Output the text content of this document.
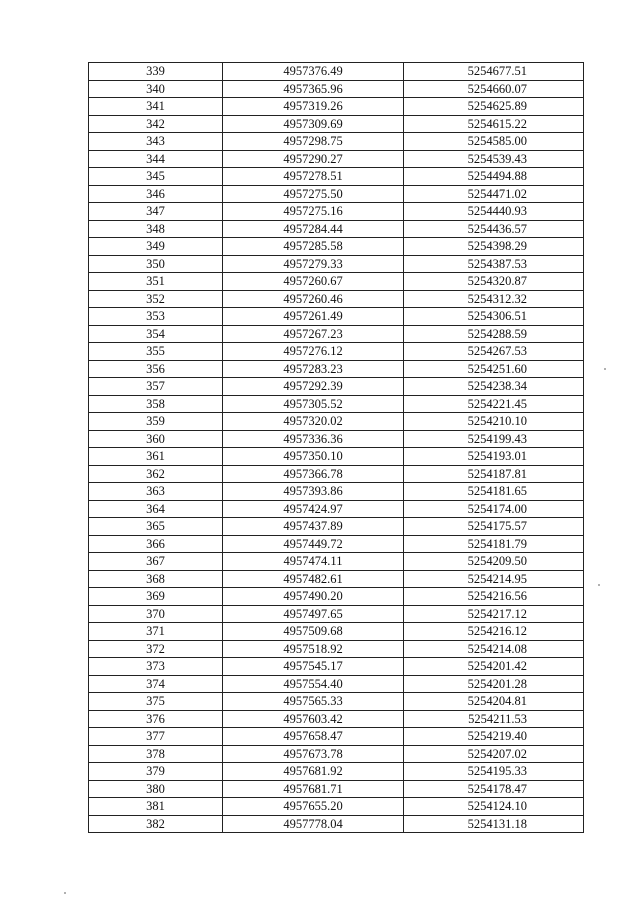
339	4957376.49	5254677.51
340	4957365.96	5254660.07
341	4957319.26	5254625.89
342	4957309.69	5254615.22
343	4957298.75	5254585.00
344	4957290.27	5254539.43
345	4957278.51	5254494.88
346	4957275.50	5254471.02
347	4957275.16	5254440.93
348	4957284.44	5254436.57
349	4957285.58	5254398.29
350	4957279.33	5254387.53
351	4957260.67	5254320.87
352	4957260.46	5254312.32
353	4957261.49	5254306.51
354	4957267.23	5254288.59
355	4957276.12	5254267.53
356	4957283.23	5254251.60
357	4957292.39	5254238.34
358	4957305.52	5254221.45
359	4957320.02	5254210.10
360	4957336.36	5254199.43
361	4957350.10	5254193.01
362	4957366.78	5254187.81
363	4957393.86	5254181.65
364	4957424.97	5254174.00
365	4957437.89	5254175.57
366	4957449.72	5254181.79
367	4957474.11	5254209.50
368	4957482.61	5254214.95
369	4957490.20	5254216.56
370	4957497.65	5254217.12
371	4957509.68	5254216.12
372	4957518.92	5254214.08
373	4957545.17	5254201.42
374	4957554.40	5254201.28
375	4957565.33	5254204.81
376	4957603.42	5254211.53
377	4957658.47	5254219.40
378	4957673.78	5254207.02
379	4957681.92	5254195.33
380	4957681.71	5254178.47
381	4957655.20	5254124.10
382	4957778.04	5254131.18
